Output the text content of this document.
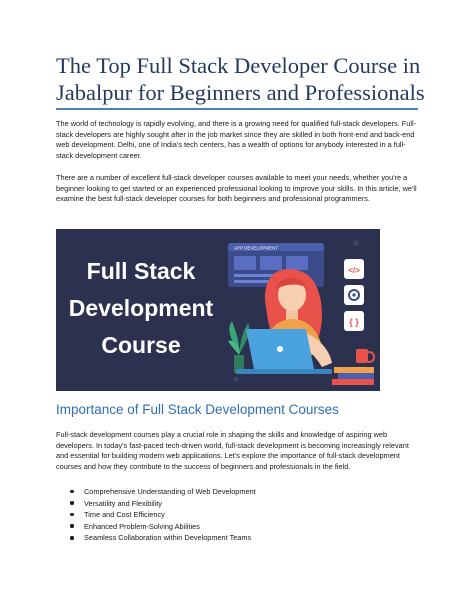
The Top Full Stack Developer Course in Jabalpur for Beginners and Professionals

The world of technology is rapidly evolving, and there is a growing need for qualified full-stack developers. Full-stack developers are highly sought after in the job market since they are skilled in both front-end and back-end web development. Delhi, one of India's tech centers, has a wealth of options for anybody interested in a full-stack development career.

There are a number of excellent full-stack developer courses available to meet your needs, whether you're a beginner looking to get started or an experienced professional looking to improve your skills. In this article, we'll examine the best full-stack developer courses for both beginners and professional programmers.

APP DEVELOPMENT
</>
{ }
Full Stack
Development
Course
Importance of Full Stack Development Courses

Full-stack development courses play a crucial role in shaping the skills and knowledge of aspiring web developers. In today's fast-paced tech-driven world, full-stack development is becoming increasingly relevant and essential for building modern web applications. Let's explore the importance of full-stack development courses and how they contribute to the success of beginners and professionals in the field.

Comprehensive Understanding of Web Development
Versatility and Flexibility
Time and Cost Efficiency
Enhanced Problem-Solving Abilities
Seamless Collaboration within Development Teams
